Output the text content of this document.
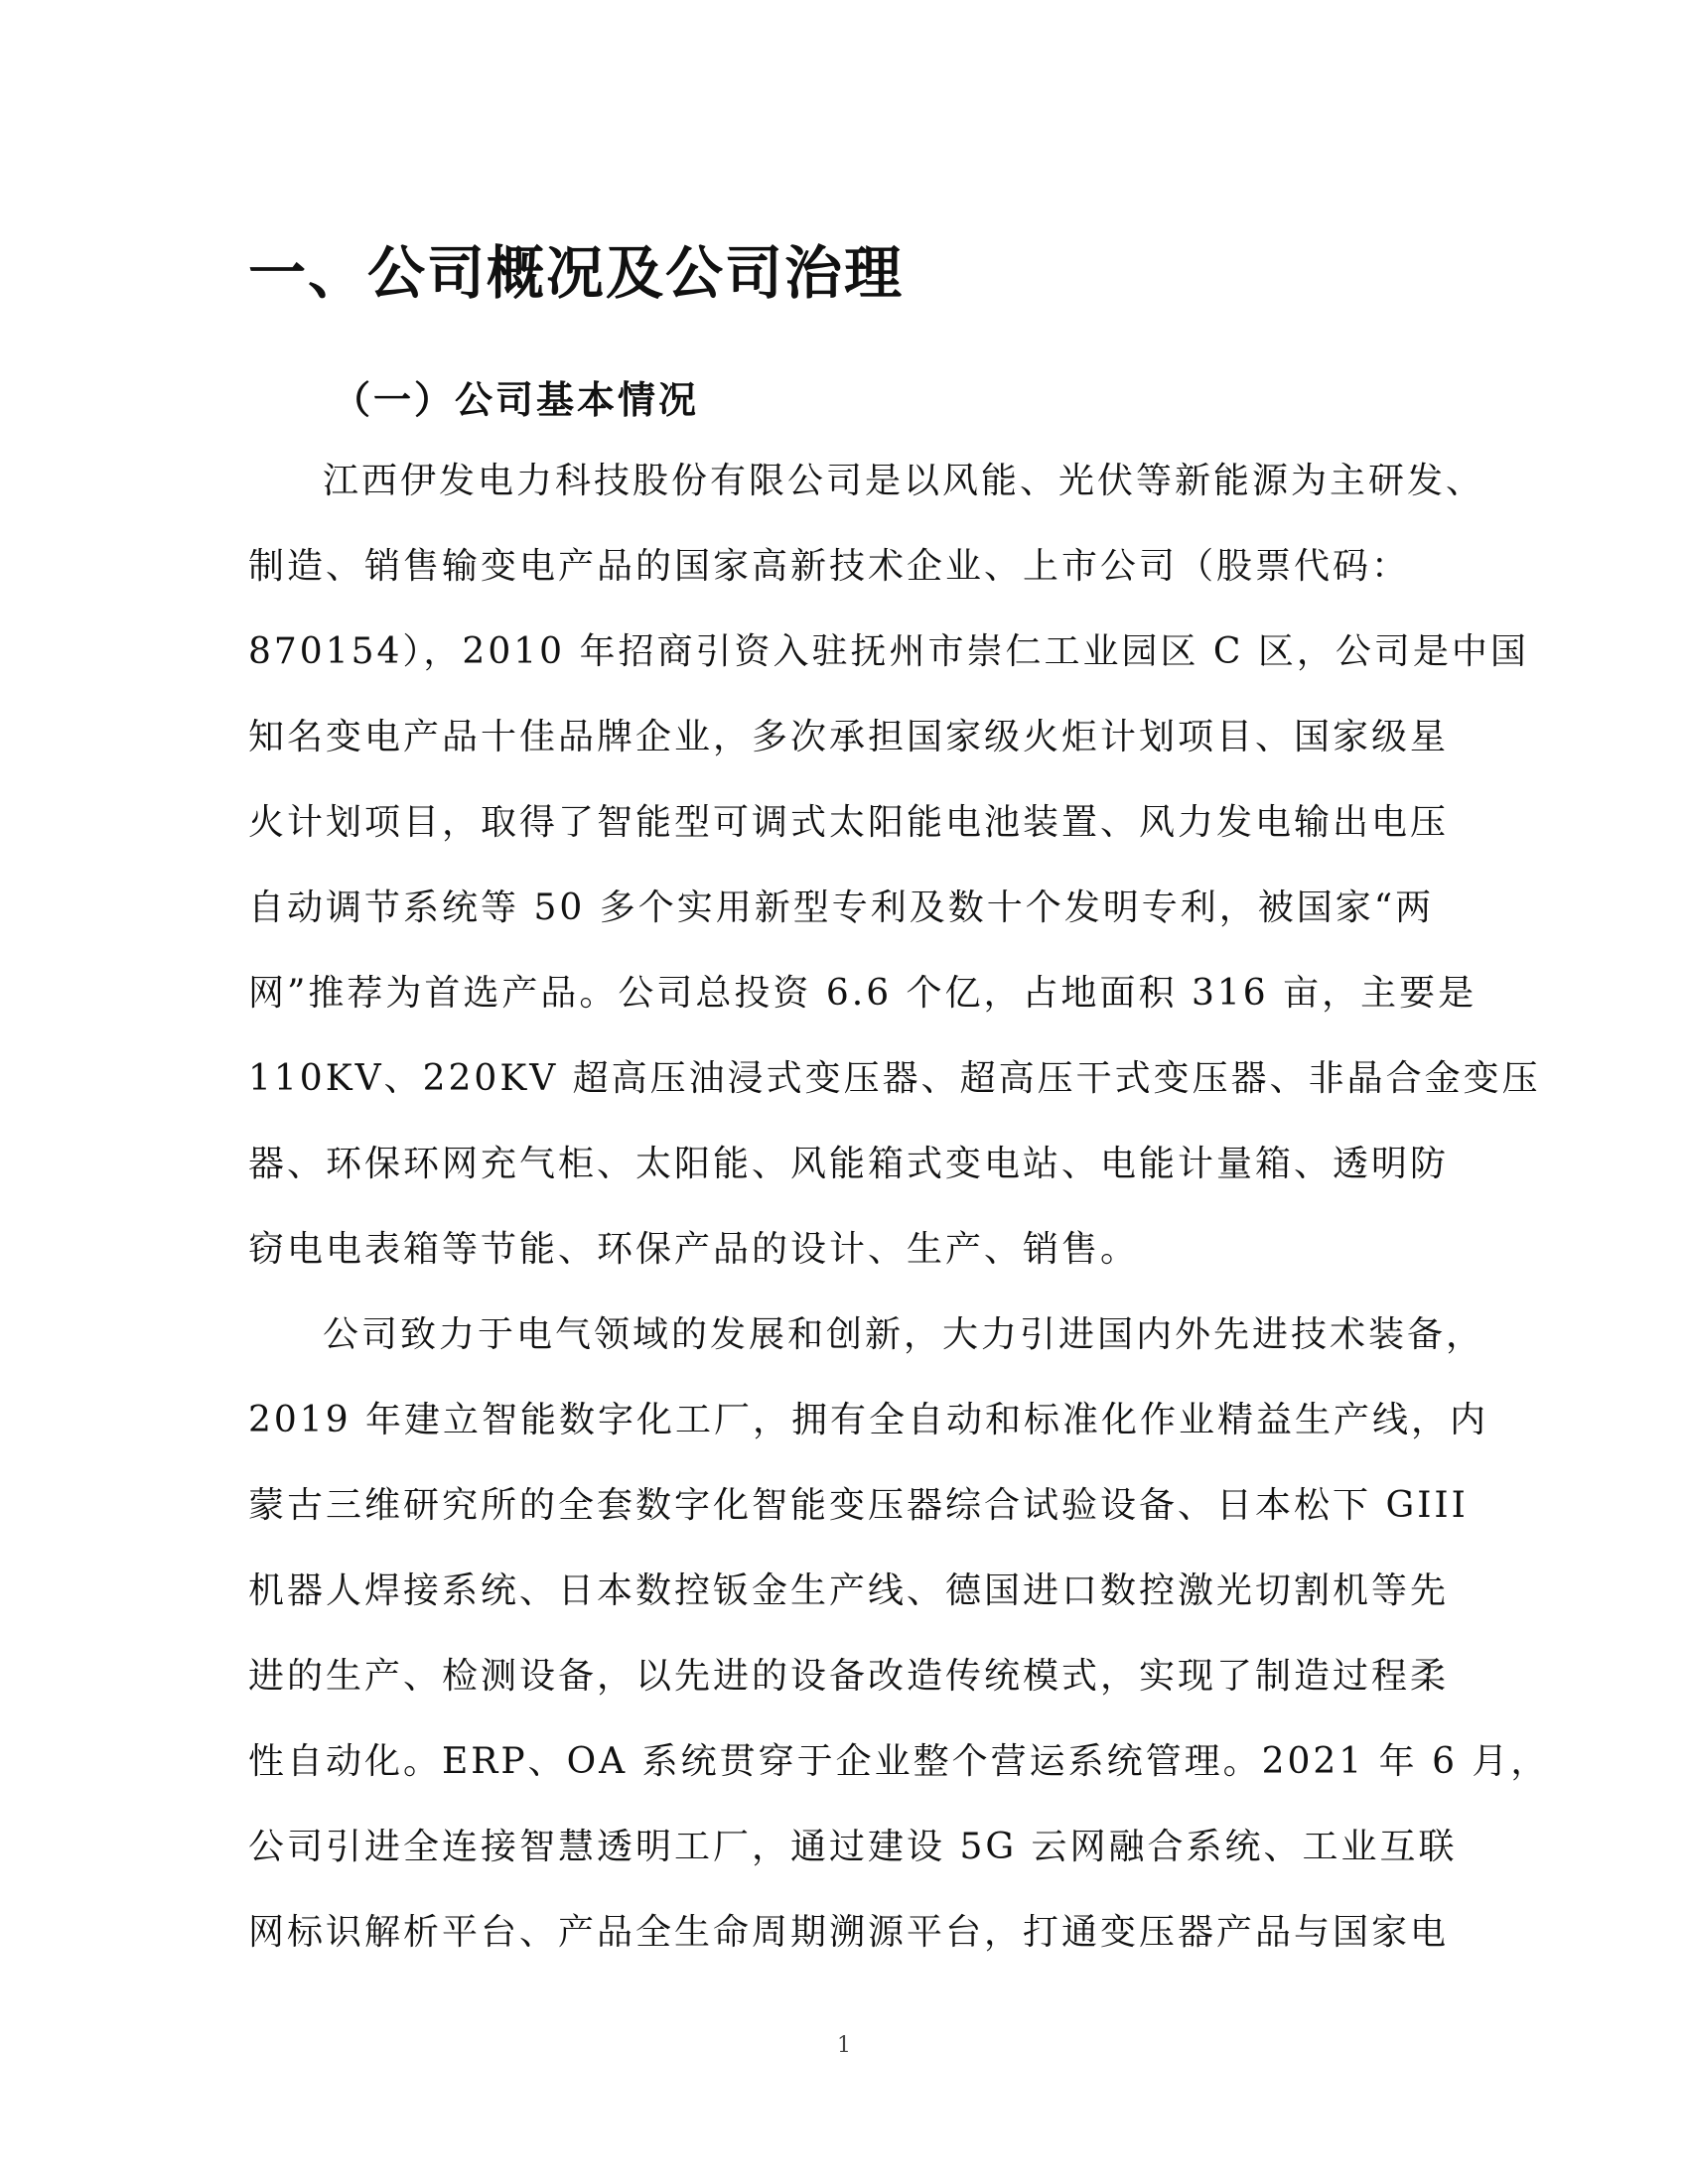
一、公司概况及公司治理
（一）公司基本情况
江西伊发电力科技股份有限公司是以风能、光伏等新能源为主研发、
制造、销售输变电产品的国家高新技术企业、上市公司（股票代码：
870154），2010 年招商引资入驻抚州市崇仁工业园区 C 区，公司是中国
知名变电产品十佳品牌企业，多次承担国家级火炬计划项目、国家级星
火计划项目，取得了智能型可调式太阳能电池装置、风力发电输出电压
自动调节系统等 50 多个实用新型专利及数十个发明专利，被国家“两
网”推荐为首选产品。公司总投资 6.6 个亿，占地面积 316 亩，主要是
110KV、220KV 超高压油浸式变压器、超高压干式变压器、非晶合金变压
器、环保环网充气柜、太阳能、风能箱式变电站、电能计量箱、透明防
窃电电表箱等节能、环保产品的设计、生产、销售。
公司致力于电气领域的发展和创新，大力引进国内外先进技术装备，
2019 年建立智能数字化工厂，拥有全自动和标准化作业精益生产线，内
蒙古三维研究所的全套数字化智能变压器综合试验设备、日本松下 GIII
机器人焊接系统、日本数控钣金生产线、德国进口数控激光切割机等先
进的生产、检测设备，以先进的设备改造传统模式，实现了制造过程柔
性自动化。ERP、OA 系统贯穿于企业整个营运系统管理。2021 年 6 月，
公司引进全连接智慧透明工厂，通过建设 5G 云网融合系统、工业互联
网标识解析平台、产品全生命周期溯源平台，打通变压器产品与国家电
1
